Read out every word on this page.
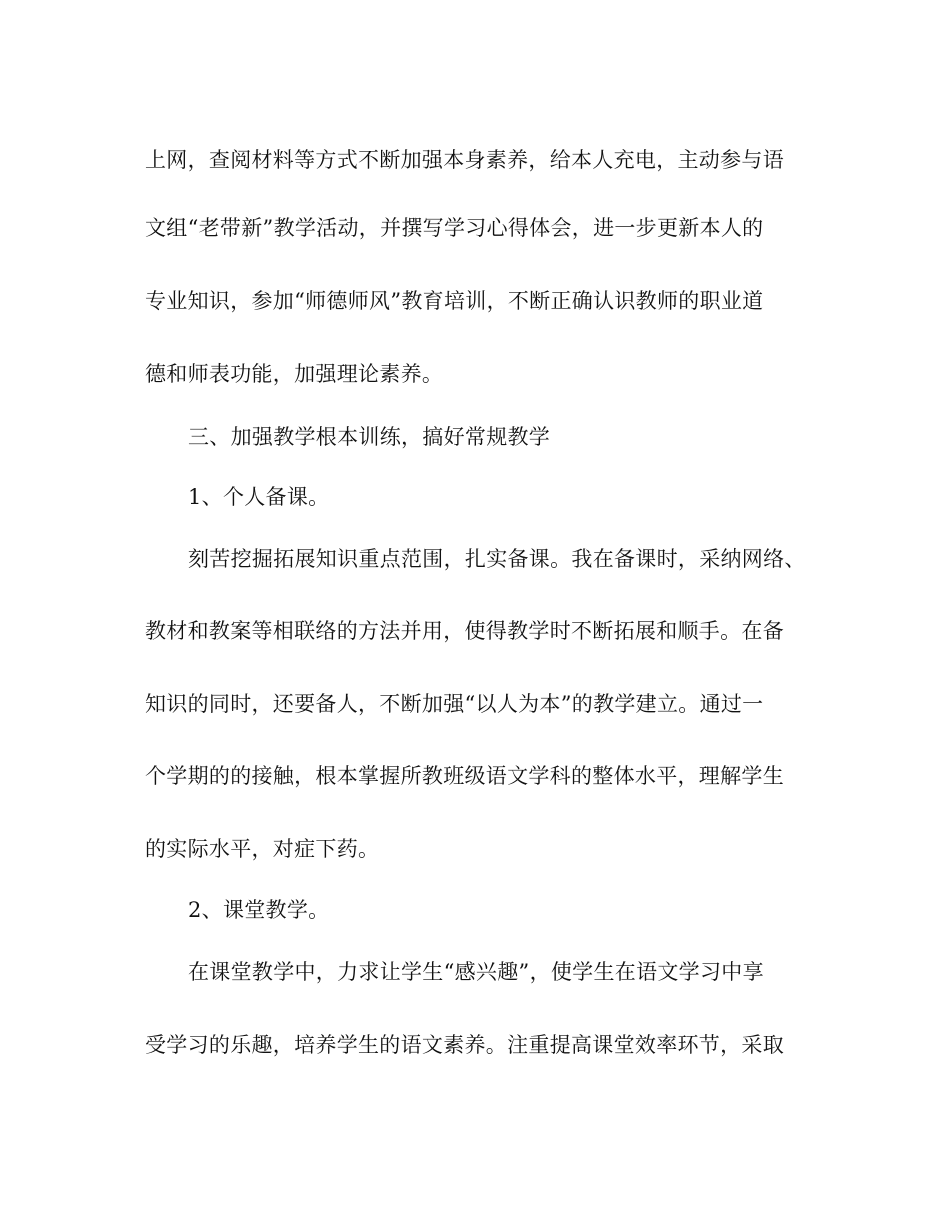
上网，查阅材料等方式不断加强本身素养，给本人充电，主动参与语
文组“老带新”教学活动，并撰写学习心得体会，进一步更新本人的
专业知识，参加“师德师风”教育培训，不断正确认识教师的职业道
德和师表功能，加强理论素养。
三、加强教学根本训练，搞好常规教学
1、个人备课。
刻苦挖掘拓展知识重点范围，扎实备课。我在备课时，采纳网络、
教材和教案等相联络的方法并用，使得教学时不断拓展和顺手。在备
知识的同时，还要备人，不断加强“以人为本”的教学建立。通过一
个学期的的接触，根本掌握所教班级语文学科的整体水平，理解学生
的实际水平，对症下药。
2、课堂教学。
在课堂教学中，力求让学生“感兴趣”，使学生在语文学习中享
受学习的乐趣，培养学生的语文素养。注重提高课堂效率环节，采取
